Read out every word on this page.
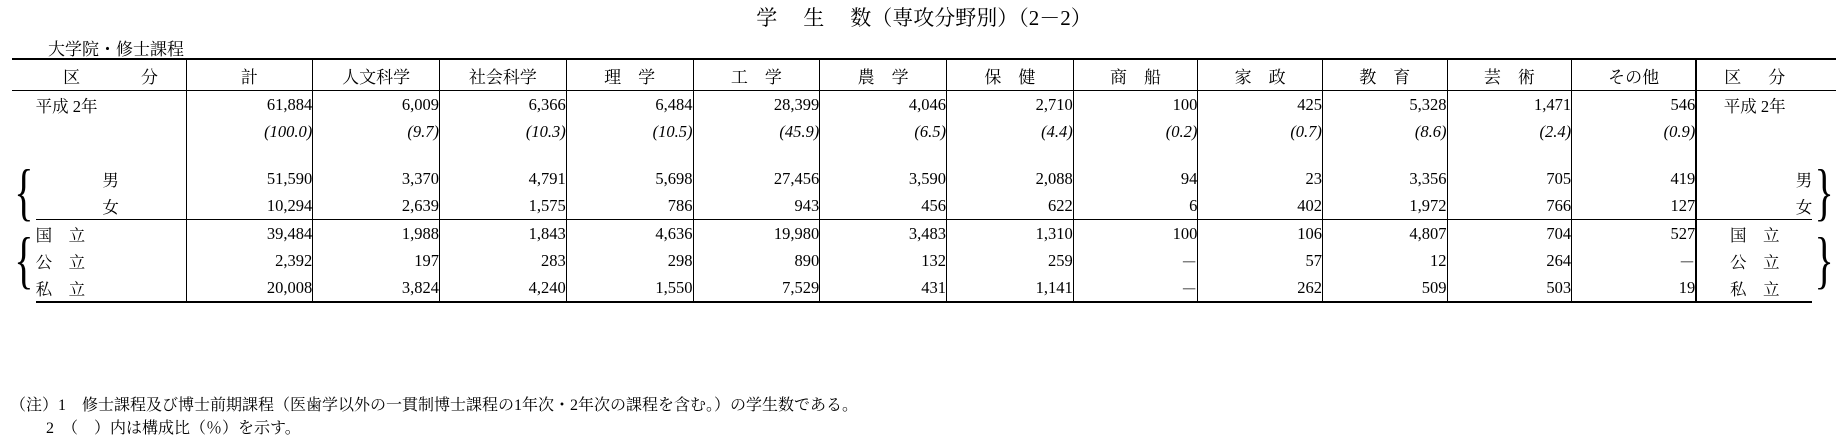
学生数（専攻分野別）（2－2）
大学院・修士課程
	区　分	計	人文科学	社会科学	理　学	工　学	農　学	保　健	商　船	家　政	教　育	芸　術	その他	区　分	
	平成 2年	61,884	6,009	6,366	6,484	28,399	4,046	2,710	100	425	5,328	1,471	546	平成 2年	
		(100.0)	(9.7)	(10.3)	(10.5)	(45.9)	(6.5)	(4.4)	(0.2)	(0.7)	(8.6)	(2.4)	(0.9)		

{	男	51,590	3,370	4,791	5,698	27,456	3,590	2,088	94	23	3,356	705	419	男	}
	女	10,294	2,639	1,575	786	943	456	622	6	402	1,972	766	127	女	
{	国　立	39,484	1,988	1,843	4,636	19,980	3,483	1,310	100	106	4,807	704	527	国　立	}
	公　立	2,392	197	283	298	890	132	259	－	57	12	264	－	公　立	
	私　立	20,008	3,824	4,240	1,550	7,529	431	1,141	－	262	509	503	19	私　立	
（注）1　修士課程及び博士前期課程（医歯学以外の一貫制博士課程の1年次・2年次の課程を含む。）の学生数である。
2　（　）内は構成比（％）を示す。
